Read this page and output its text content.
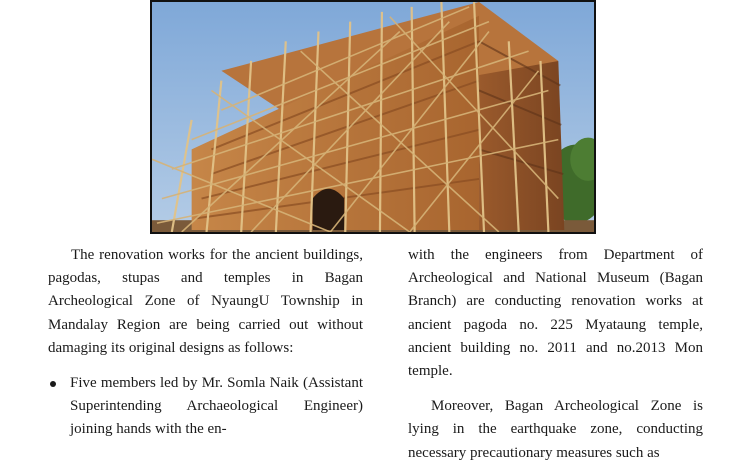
The renovation works for the ancient buildings, pagodas, stupas and temples in Bagan Archeological Zone of NyaungU Township in Mandalay Region are being carried out without damaging its original designs as follows:

Five members led by Mr. Somla Naik (Assistant Superintending Archaeological Engineer) joining hands with the en-

with the engineers from Department of Archeological and National Museum (Bagan Branch) are conducting renovation works at ancient pagoda no. 225 Myataung temple, ancient building no. 2011 and no.2013 Mon temple.

Moreover, Bagan Archeological Zone is lying in the earthquake zone, conducting necessary precautionary measures such as
